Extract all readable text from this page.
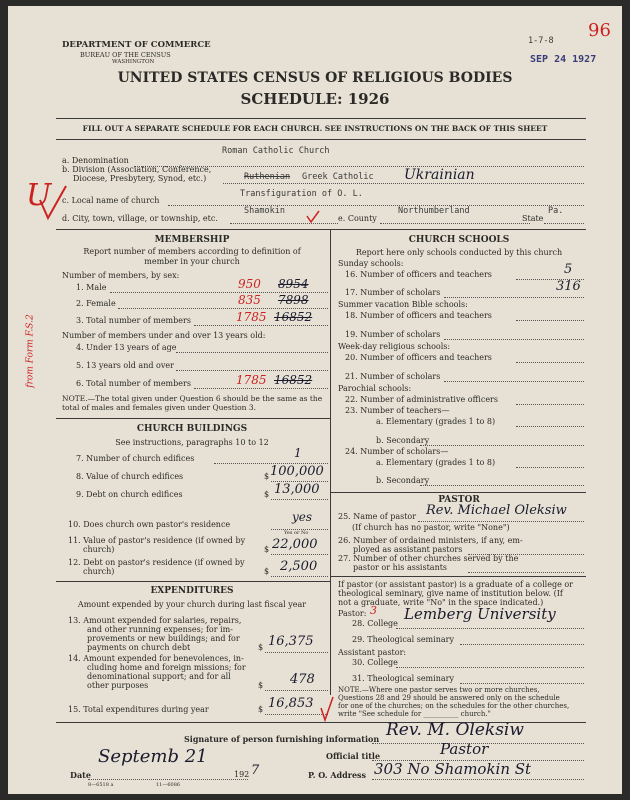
DEPARTMENT OF COMMERCE
BUREAU OF THE CENSUS
WASHINGTON
1-7-8
SEP 24 1927
96
UNITED STATES CENSUS OF RELIGIOUS BODIES
SCHEDULE: 1926
FILL OUT A SEPARATE SCHEDULE FOR EACH CHURCH. SEE INSTRUCTIONS ON THE BACK OF THIS SHEET
a. Denomination
Roman Catholic Church
b. Division (Association, Conference,
Diocese, Presbytery, Synod, etc.)	Ruthenian Greek Catholic Ukrainian
c. Local name of church
Transfiguration of O. L.
d. City, town, village, or township, etc.
Shamokin
e. County
Northumberland
State
Pa.
U
MEMBERSHIP
Report number of members according to definition of
member in your church
Number of members, by sex:
1. Male	950 8954
2. Female	835 7898
3. Total number of members	1785 16852
Number of members under and over 13 years old:
4. Under 13 years of age
5. 13 years old and over
6. Total number of members	1785 16852
NOTE.—The total given under Question 6 should be the same as the total of males and females given under Question 3.
from Form F.S.2
CHURCH BUILDINGS
See instructions, paragraphs 10 to 12
7. Number of church edifices	1
8. Value of church edifices	$ 100,000
9. Debt on church edifices	$ 13,000
10. Does church own pastor's residence
yes
Yes or No
11. Value of pastor's residence (if owned by
church)	$ 22,000
12. Debt on pastor's residence (if owned by
church)	$ 2,500
EXPENDITURES
Amount expended by your church during last fiscal year
13. Amount expended for salaries, repairs,
and other running expenses; for im-
provements or new buildings; and for
payments on church debt	$ 16,375
14. Amount expended for benevolences, in-
cluding home and foreign missions; for
denominational support; and for all
other purposes	$ 478
15. Total expenditures during year	$ 16,853
CHURCH SCHOOLS
Report here only schools conducted by this church
Sunday schools:
16. Number of officers and teachers	5
17. Number of scholars	316
Summer vacation Bible schools:
18. Number of officers and teachers
19. Number of scholars
Week-day religious schools:
20. Number of officers and teachers
21. Number of scholars
Parochial schools:
22. Number of administrative officers
23. Number of teachers—
a. Elementary (grades 1 to 8)
b. Secondary
24. Number of scholars—
a. Elementary (grades 1 to 8)
b. Secondary
PASTOR
25. Name of pastor Rev. Michael Oleksiw
(If church has no pastor, write "None")
26. Number of ordained ministers, if any, em-
ployed as assistant pastors
27. Number of other churches served by the
pastor or his assistants
If pastor (or assistant pastor) is a graduate of a college or
theological seminary, give name of institution below. (If
not a graduate, write "No" in the space indicated.)
Pastor: 3
28. College
Lemberg University
29. Theological seminary
Assistant pastor:
30. College
31. Theological seminary
NOTE.—Where one pastor serves two or more churches,
Questions 28 and 29 should be answered only on the schedule
for one of the churches; on the schedules for the other churches,
write "See schedule for __________ church."
Signature of person furnishing information Rev. M. Oleksiw
Official title	Pastor
Date
Septemb 21
192 7	P. O. Address 303 No Shamokin St
8—6518 a	11—6086
